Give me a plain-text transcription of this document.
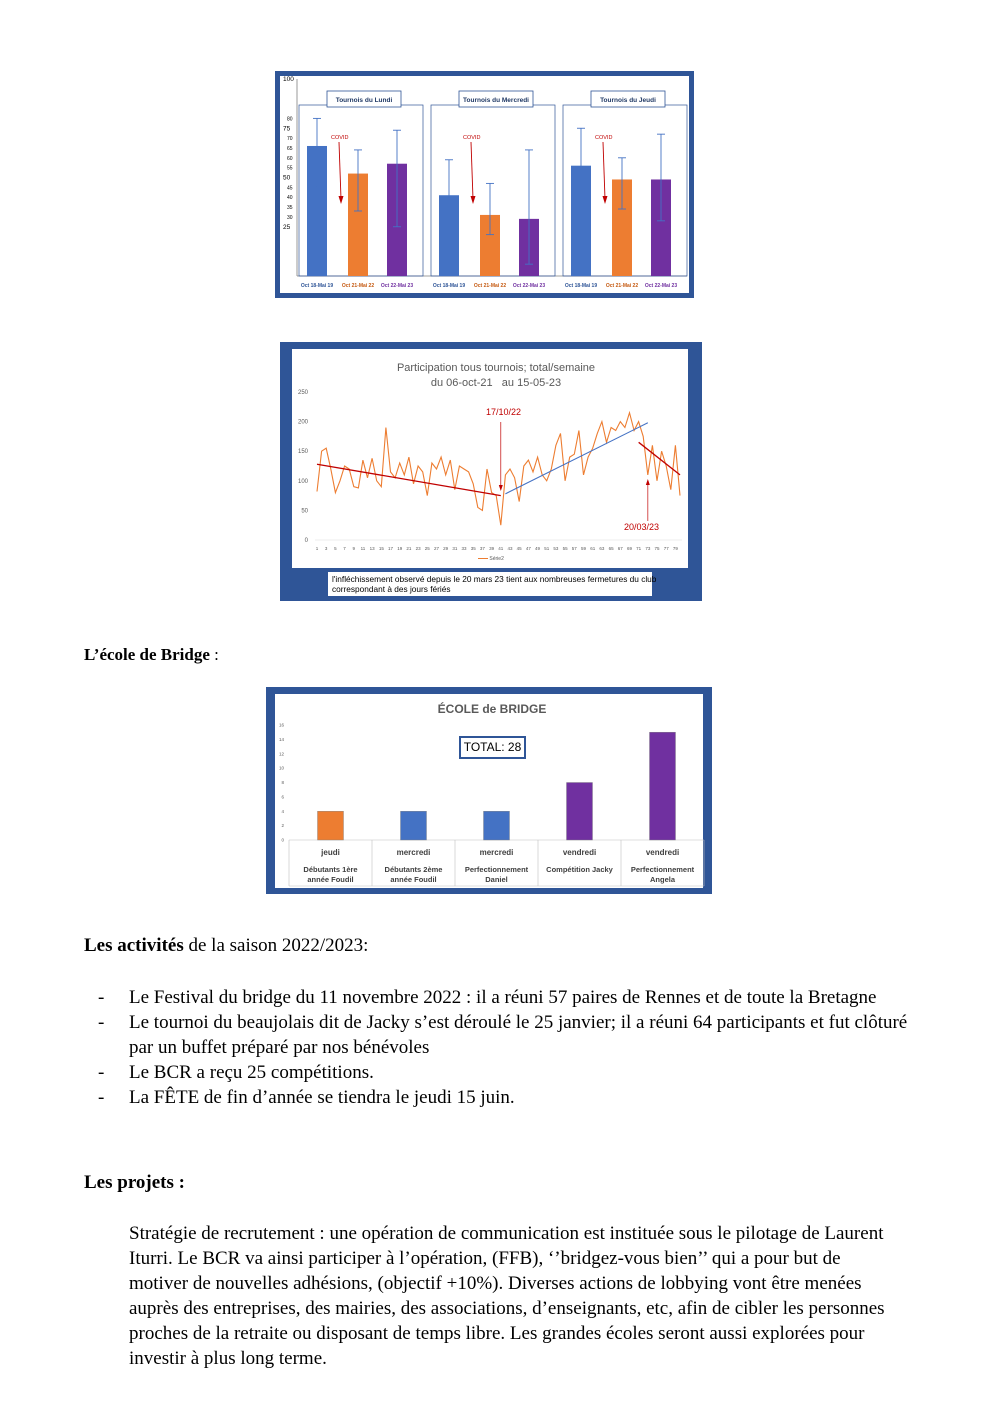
100
80
75
70
65
60
55
50
45
40
35
30
25
Tournois du Lundi
Oct 18-Mai 19 Oct 21-Mai 22 Oct 22-Mai 23
COVID
Tournois du Mercredi
Oct 18-Mai 19 Oct 21-Mai 22 Oct 22-Mai 23
COVID
Tournois du Jeudi
Oct 18-Mai 19 Oct 21-Mai 22 Oct 22-Mai 23
COVID
0
50
100
150
200
250
1 3 5 7 9 11 13 15 17 19 21 23 25 27 29 31 33 35 37 39 41 43 45 47 49 51 53 55 57 59 61 63 65 67 69 71 73 75 77 79
Participation tous tournois; total/semaine
du 06-oct-21   au 15-05-23
17/10/22
20/03/23
Série2
l'infléchissement observé depuis le 20 mars 23 tient aux nombreuses fermetures du club
correspondant à des jours fériés
L’école de Bridge :
16
14
12
10
8
6
4
2
0
jeudi
Débutants 1ère
année Foudil
mercredi
Débutants 2ème
année Foudil
mercredi
Perfectionnement
Daniel
vendredi
Compétition Jacky
vendredi
Perfectionnement
Angela
ÉCOLE de BRIDGE
TOTAL: 28
Les activités de la saison 2022/2023:
- Le Festival du bridge du 11 novembre 2022 : il a réuni 57 paires de Rennes et de toute la Bretagne
- Le tournoi du beaujolais dit de Jacky s’est déroulé le 25 janvier; il a réuni 64 participants et fut clôturé par un buffet préparé par nos bénévoles
- Le BCR a reçu 25 compétitions.
- La FÊTE de fin d’année se tiendra le jeudi 15 juin.
Les projets :
Stratégie de recrutement : une opération de communication est instituée sous le pilotage de Laurent Iturri. Le BCR va ainsi participer à l’opération, (FFB), ‘’bridgez-vous bien’’ qui a pour but de motiver de nouvelles adhésions, (objectif +10%). Diverses actions de lobbying vont être menées auprès des entreprises, des mairies, des associations, d’enseignants, etc, afin de cibler les personnes proches de la retraite ou disposant de temps libre. Les grandes écoles seront aussi explorées pour investir à plus long terme.
